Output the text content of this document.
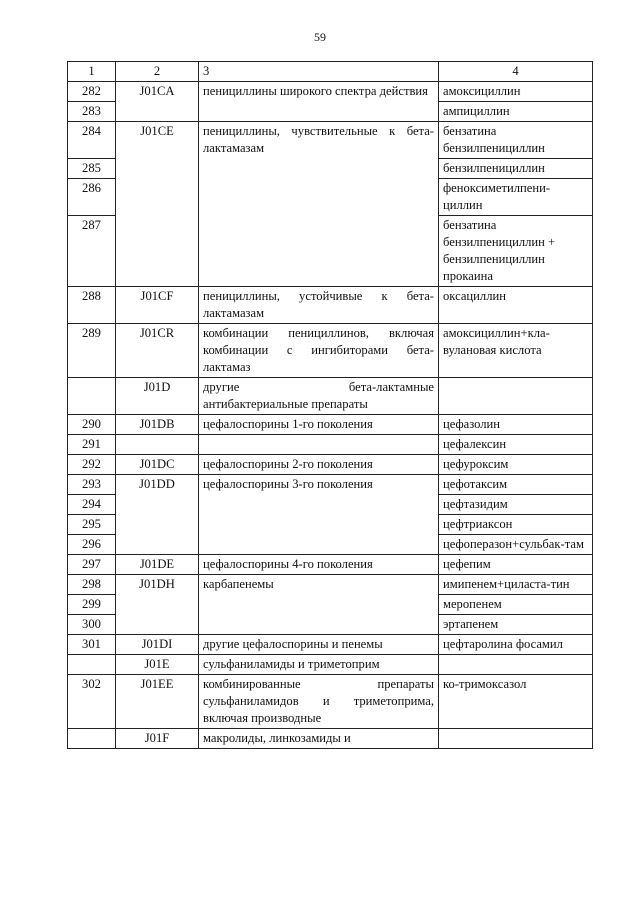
59
1	2	3	4
282	J01CA	пенициллины широкого спектра действия	амоксициллин
283			ампициллин
284	J01CE	пенициллины, чувствительные к бета-лактамазам	бензатина бензилпенициллин
285			бензилпенициллин
286			феноксиметилпени-циллин
287			бензатина бензилпенициллин + бензилпенициллин прокаина
288	J01CF	пенициллины, устойчивые к бета-лактамазам	оксациллин
289	J01CR	комбинации пенициллинов, включая комбинации с ингибиторами бета-лактамаз	амоксициллин+кла-вулановая кислота
	J01D	другие бета-лактамные антибактериальные препараты	
290	J01DB	цефалоспорины 1-го поколения	цефазолин
291			цефалексин
292	J01DC	цефалоспорины 2-го поколения	цефуроксим
293	J01DD	цефалоспорины 3-го поколения	цефотаксим
294			цефтазидим
295			цефтриаксон
296			цефоперазон+сульбак-там
297	J01DE	цефалоспорины 4-го поколения	цефепим
298	J01DH	карбапенемы	имипенем+циласта-тин
299			меропенем
300			эртапенем
301	J01DI	другие цефалоспорины и пенемы	цефтаролина фосамил
	J01E	сульфаниламиды и триметоприм	
302	J01EE	комбинированные препараты сульфаниламидов и триметоприма, включая производные	ко-тримоксазол
	J01F	макролиды, линкозамиды и	
